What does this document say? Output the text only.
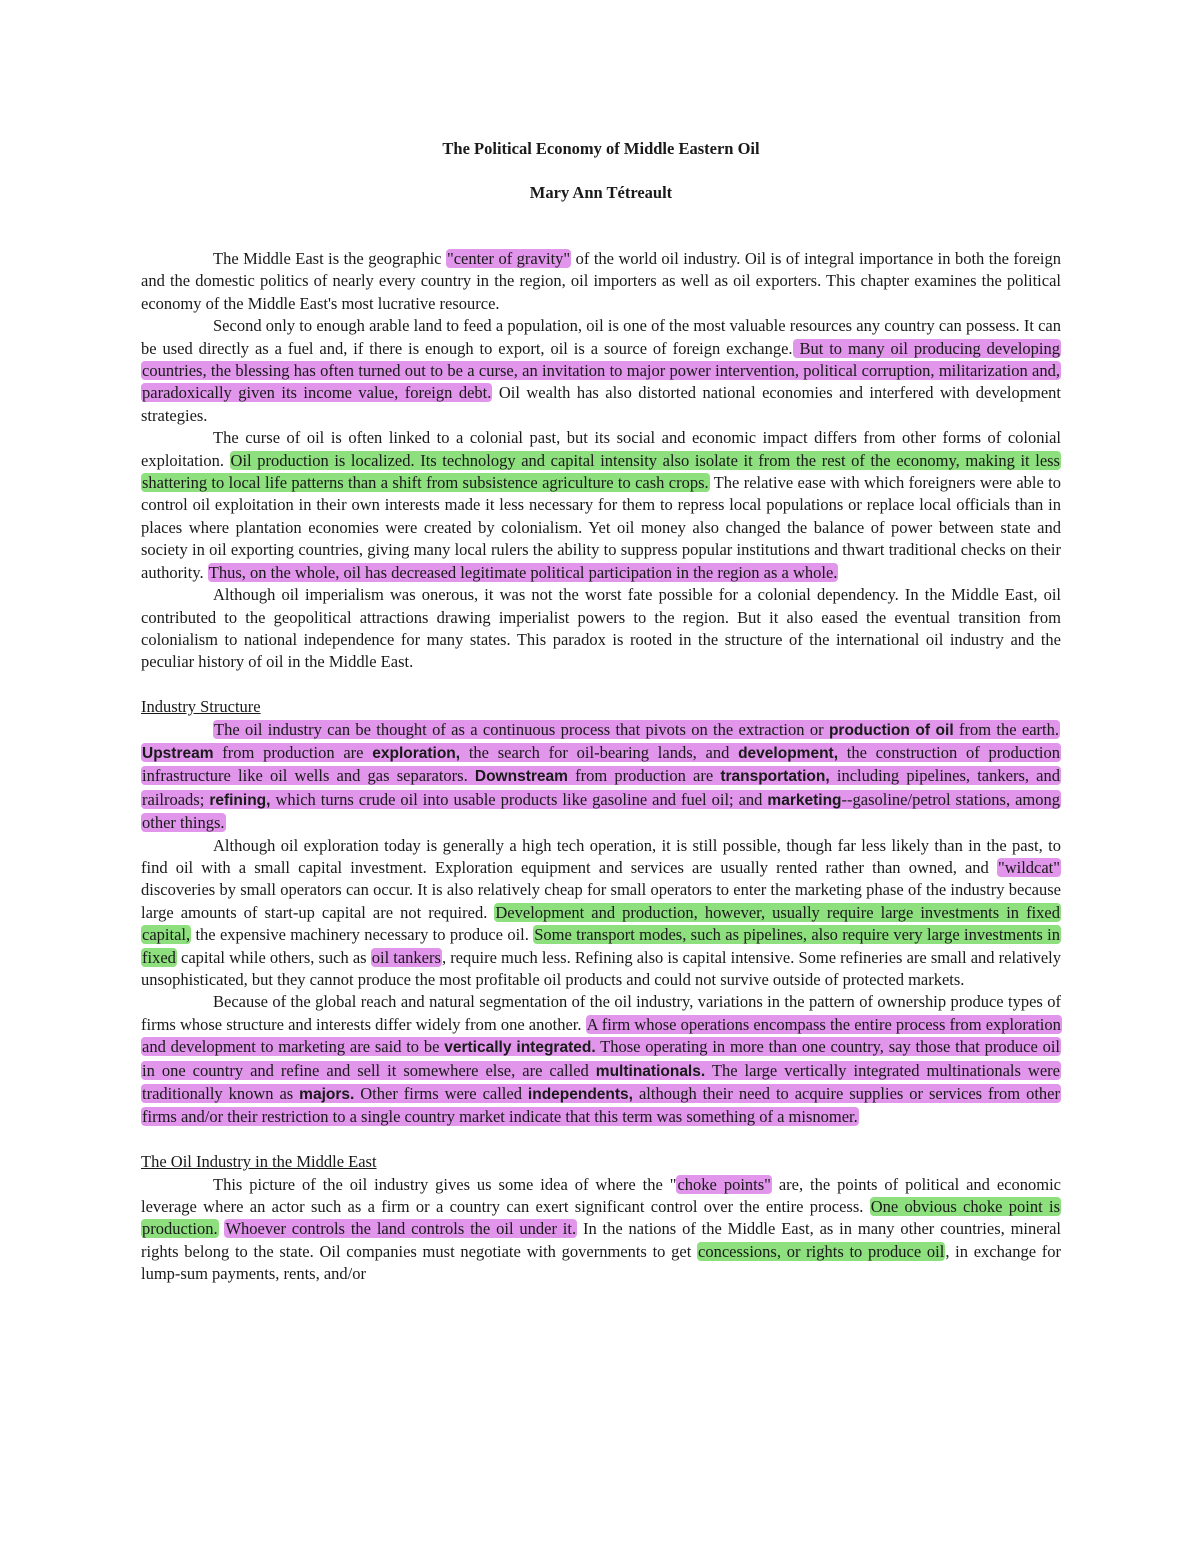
The Political Economy of Middle Eastern Oil
Mary Ann Tétreault

The Middle East is the geographic "center of gravity" of the world oil industry. Oil is of integral importance in both the foreign and the domestic politics of nearly every country in the region, oil importers as well as oil exporters. This chapter examines the political economy of the Middle East's most lucrative resource.

Second only to enough arable land to feed a population, oil is one of the most valuable resources any country can possess. It can be used directly as a fuel and, if there is enough to export, oil is a source of foreign exchange. But to many oil producing developing countries, the blessing has often turned out to be a curse, an invitation to major power intervention, political corruption, militarization and, paradoxically given its income value, foreign debt. Oil wealth has also distorted national economies and interfered with development strategies.

The curse of oil is often linked to a colonial past, but its social and economic impact differs from other forms of colonial exploitation. Oil production is localized. Its technology and capital intensity also isolate it from the rest of the economy, making it less shattering to local life patterns than a shift from subsistence agriculture to cash crops. The relative ease with which foreigners were able to control oil exploitation in their own interests made it less necessary for them to repress local populations or replace local officials than in places where plantation economies were created by colonialism. Yet oil money also changed the balance of power between state and society in oil exporting countries, giving many local rulers the ability to suppress popular institutions and thwart traditional checks on their authority. Thus, on the whole, oil has decreased legitimate political participation in the region as a whole.

Although oil imperialism was onerous, it was not the worst fate possible for a colonial dependency. In the Middle East, oil contributed to the geopolitical attractions drawing imperialist powers to the region. But it also eased the eventual transition from colonialism to national independence for many states. This paradox is rooted in the structure of the international oil industry and the peculiar history of oil in the Middle East.

Industry Structure

The oil industry can be thought of as a continuous process that pivots on the extraction or production of oil from the earth. Upstream from production are exploration, the search for oil-bearing lands, and development, the construction of production infrastructure like oil wells and gas separators. Downstream from production are transportation, including pipelines, tankers, and railroads; refining, which turns crude oil into usable products like gasoline and fuel oil; and marketing--gasoline/petrol stations, among other things.

Although oil exploration today is generally a high tech operation, it is still possible, though far less likely than in the past, to find oil with a small capital investment. Exploration equipment and services are usually rented rather than owned, and "wildcat" discoveries by small operators can occur. It is also relatively cheap for small operators to enter the marketing phase of the industry because large amounts of start-up capital are not required. Development and production, however, usually require large investments in fixed capital, the expensive machinery necessary to produce oil. Some transport modes, such as pipelines, also require very large investments in fixed capital while others, such as oil tankers, require much less. Refining also is capital intensive. Some refineries are small and relatively unsophisticated, but they cannot produce the most profitable oil products and could not survive outside of protected markets.

Because of the global reach and natural segmentation of the oil industry, variations in the pattern of ownership produce types of firms whose structure and interests differ widely from one another. A firm whose operations encompass the entire process from exploration and development to marketing are said to be vertically integrated. Those operating in more than one country, say those that produce oil in one country and refine and sell it somewhere else, are called multinationals. The large vertically integrated multinationals were traditionally known as majors. Other firms were called independents, although their need to acquire supplies or services from other firms and/or their restriction to a single country market indicate that this term was something of a misnomer.

The Oil Industry in the Middle East

This picture of the oil industry gives us some idea of where the "choke points" are, the points of political and economic leverage where an actor such as a firm or a country can exert significant control over the entire process. One obvious choke point is production. Whoever controls the land controls the oil under it. In the nations of the Middle East, as in many other countries, mineral rights belong to the state. Oil companies must negotiate with governments to get concessions, or rights to produce oil, in exchange for lump-sum payments, rents, and/or
